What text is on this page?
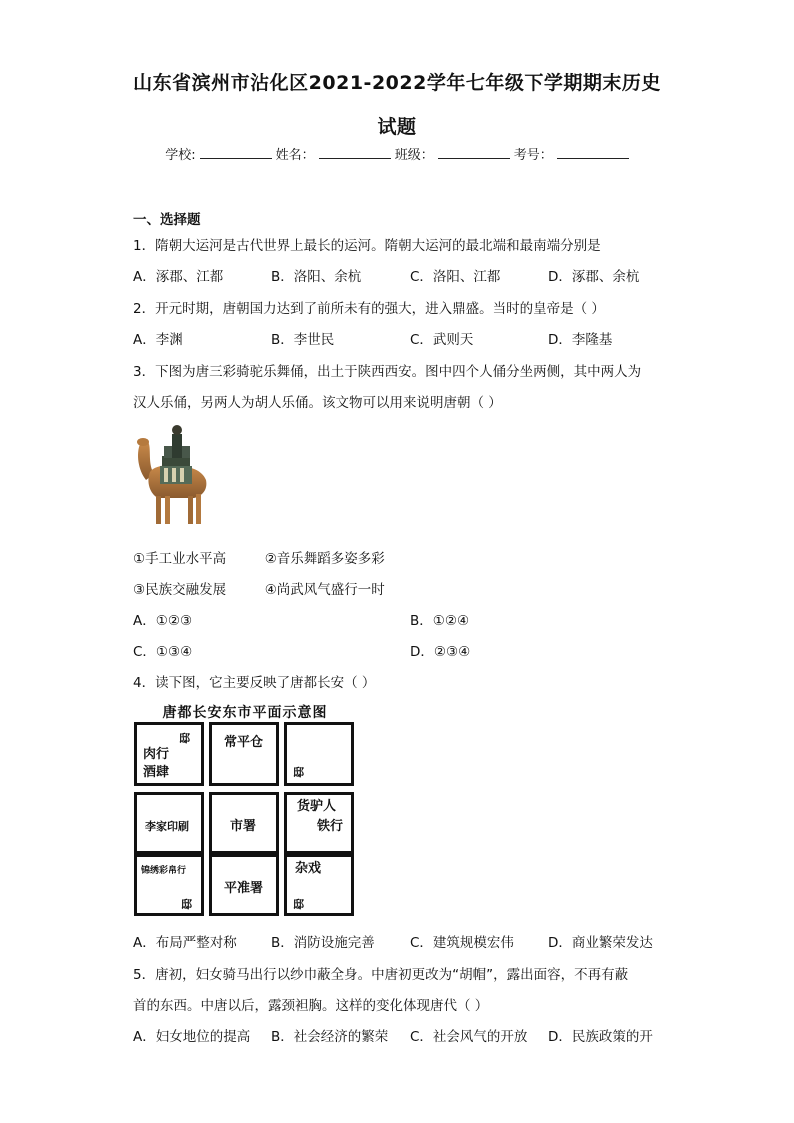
山东省滨州市沾化区2021-2022学年七年级下学期期末历史
试题
学校:	姓名：	班级：	考号：
一、选择题
1．隋朝大运河是古代世界上最长的运河。隋朝大运河的最北端和最南端分别是
A．涿郡、江都	B．洛阳、余杭	C．洛阳、江都	D．涿郡、余杭
2．开元时期，唐朝国力达到了前所未有的强大，进入鼎盛。当时的皇帝是（ ）
A．李渊	B．李世民	C．武则天	D．李隆基
3．下图为唐三彩骑驼乐舞俑，出土于陕西西安。图中四个人俑分坐两侧，其中两人为
汉人乐俑，另两人为胡人乐俑。该文物可以用来说明唐朝（ ）
①手工业水平高	②音乐舞蹈多姿多彩
③民族交融发展	④尚武风气盛行一时
A．①②③	B．①②④
C．①③④	D．②③④
4．读下图，它主要反映了唐都长安（ ）
唐都长安东市平面示意图
肉行
酒肆
邸	常平仓
邸
李家印刷	市署
货驴人
铁行
锦绣彩帛行
邸
平准署
杂戏
邸
A．布局严整对称	B．消防设施完善	C．建筑规模宏伟	D．商业繁荣发达
5．唐初，妇女骑马出行以纱巾蔽全身。中唐初更改为“胡帽”，露出面容，不再有蔽
首的东西。中唐以后，露颈袒胸。这样的变化体现唐代（ ）
A．妇女地位的提高 B．社会经济的繁荣 C．社会风气的开放 D．民族政策的开
